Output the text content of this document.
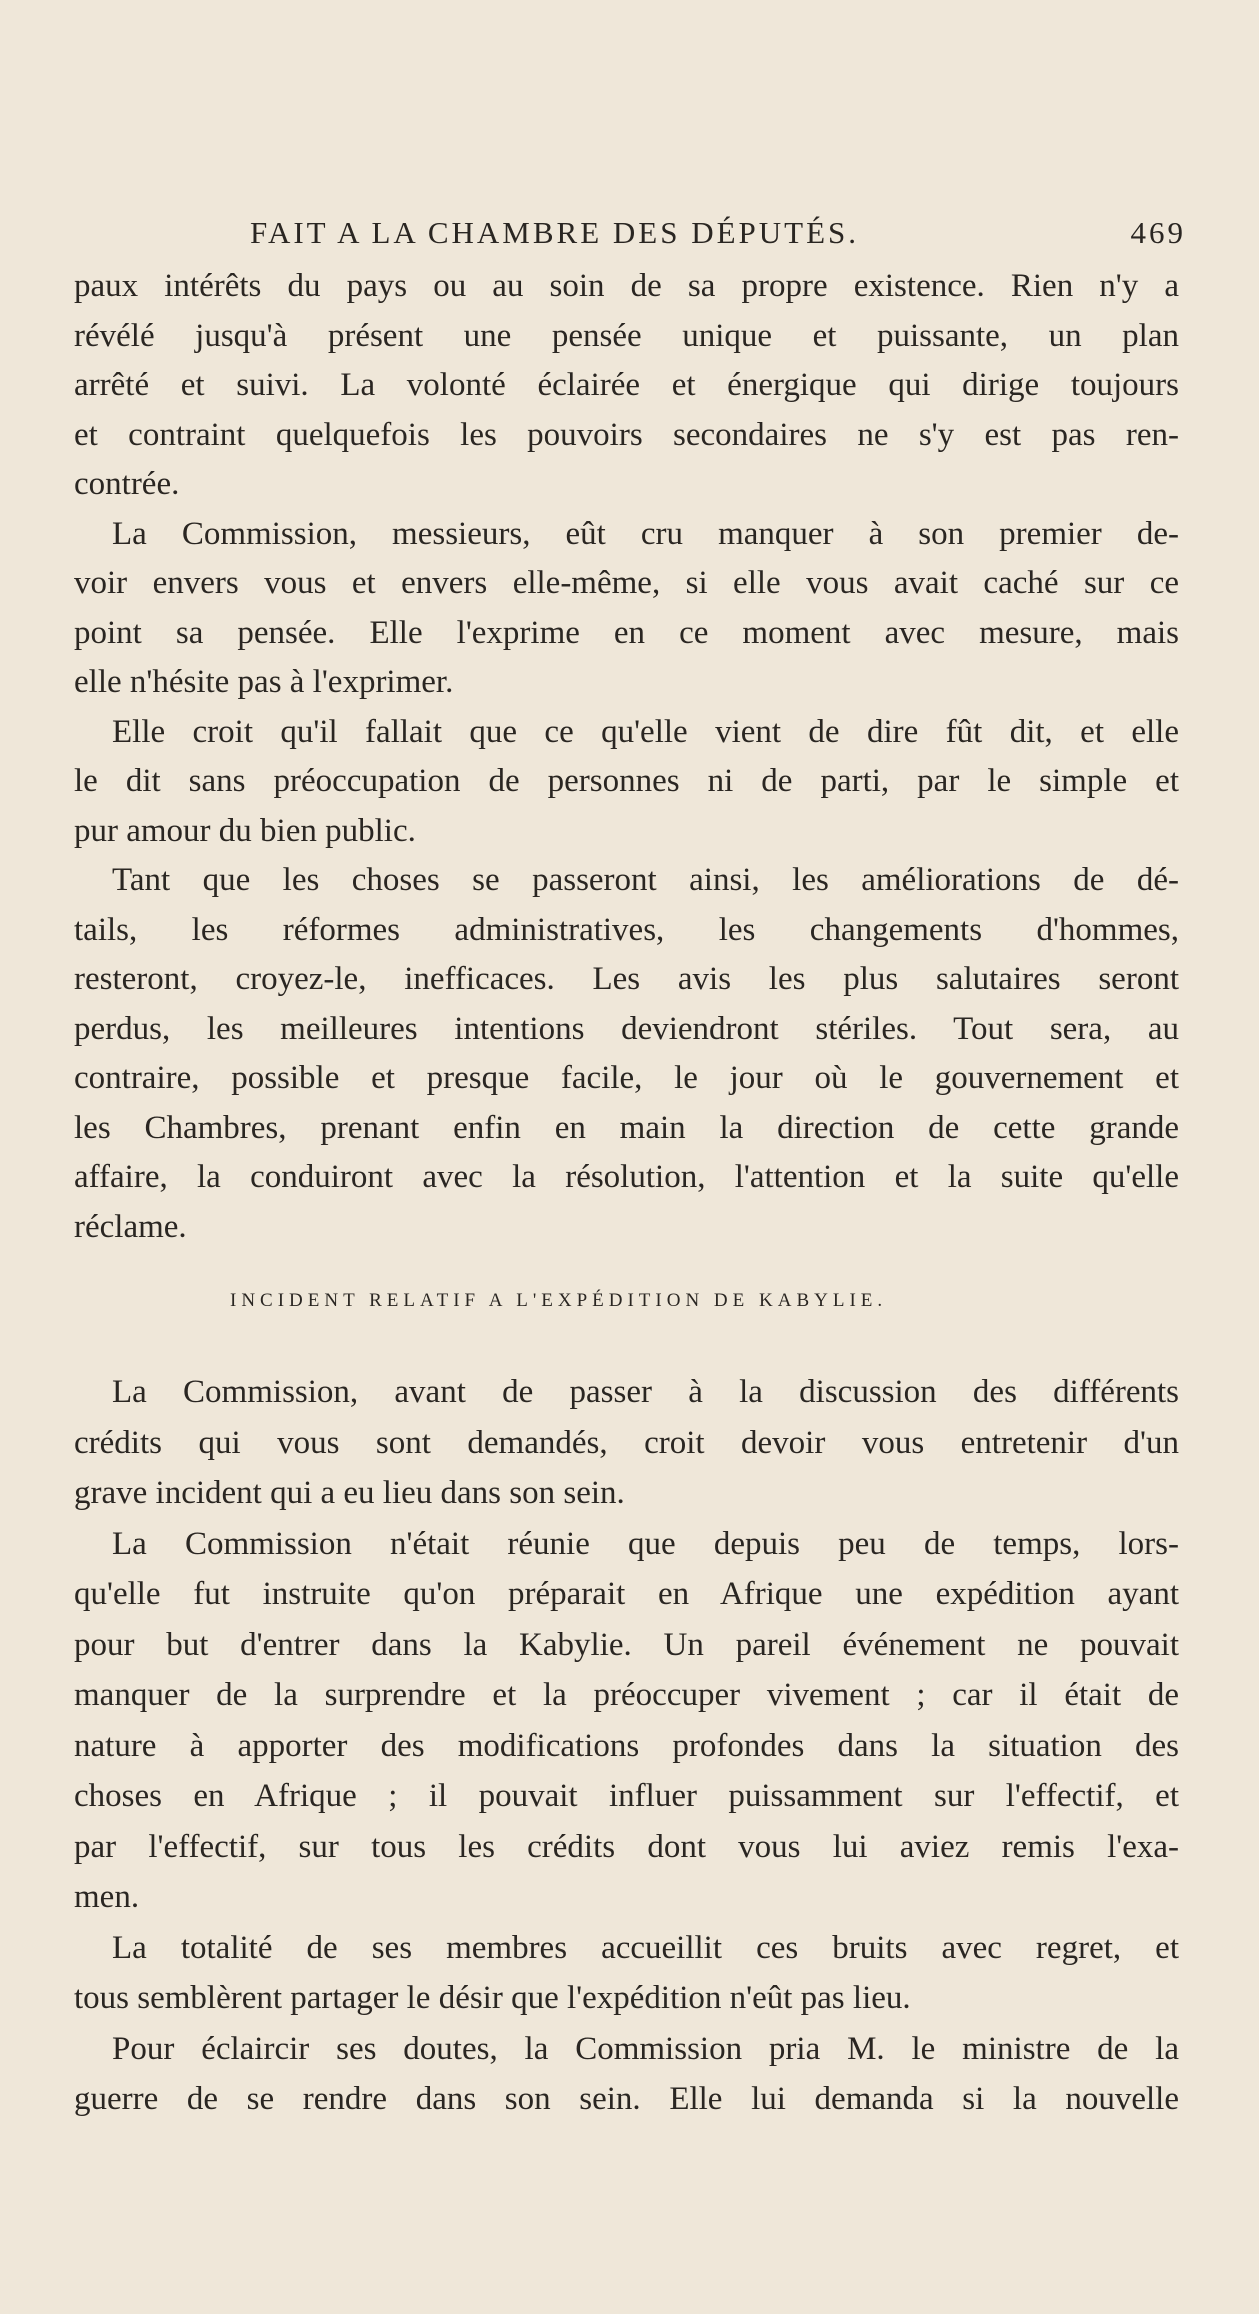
FAIT A LA CHAMBRE DES DÉPUTÉS.	469
paux intérêts du pays ou au soin de sa propre existence. Rien n'y a
révélé jusqu'à présent une pensée unique et puissante, un plan
arrêté et suivi. La volonté éclairée et énergique qui dirige toujours
et contraint quelquefois les pouvoirs secondaires ne s'y est pas ren-
contrée.
La Commission, messieurs, eût cru manquer à son premier de-
voir envers vous et envers elle-même, si elle vous avait caché sur ce
point sa pensée. Elle l'exprime en ce moment avec mesure, mais
elle n'hésite pas à l'exprimer.
Elle croit qu'il fallait que ce qu'elle vient de dire fût dit, et elle
le dit sans préoccupation de personnes ni de parti, par le simple et
pur amour du bien public.
Tant que les choses se passeront ainsi, les améliorations de dé-
tails, les réformes administratives, les changements d'hommes,
resteront, croyez-le, inefficaces. Les avis les plus salutaires seront
perdus, les meilleures intentions deviendront stériles. Tout sera, au
contraire, possible et presque facile, le jour où le gouvernement et
les Chambres, prenant enfin en main la direction de cette grande
affaire, la conduiront avec la résolution, l'attention et la suite qu'elle
réclame.
INCIDENT RELATIF A L'EXPÉDITION DE KABYLIE.
La Commission, avant de passer à la discussion des différents
crédits qui vous sont demandés, croit devoir vous entretenir d'un
grave incident qui a eu lieu dans son sein.
La Commission n'était réunie que depuis peu de temps, lors-
qu'elle fut instruite qu'on préparait en Afrique une expédition ayant
pour but d'entrer dans la Kabylie. Un pareil événement ne pouvait
manquer de la surprendre et la préoccuper vivement ; car il était de
nature à apporter des modifications profondes dans la situation des
choses en Afrique ; il pouvait influer puissamment sur l'effectif, et
par l'effectif, sur tous les crédits dont vous lui aviez remis l'exa-
men.
La totalité de ses membres accueillit ces bruits avec regret, et
tous semblèrent partager le désir que l'expédition n'eût pas lieu.
Pour éclaircir ses doutes, la Commission pria M. le ministre de la
guerre de se rendre dans son sein. Elle lui demanda si la nouvelle
